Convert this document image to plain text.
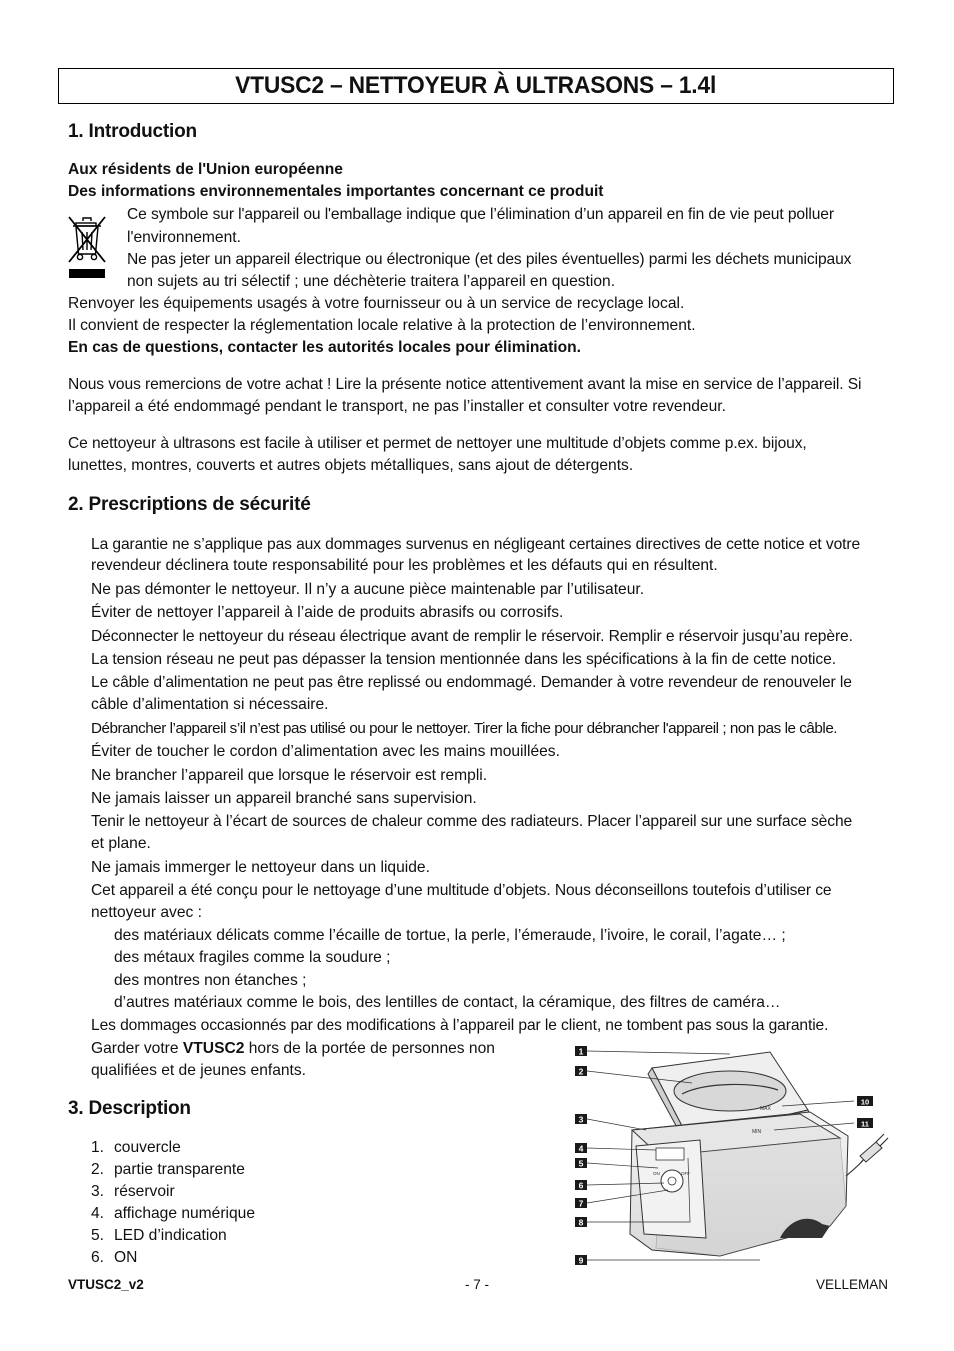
VTUSC2 – NETTOYEUR À ULTRASONS – 1.4l
1. Introduction

Aux résidents de l'Union européenne

Des informations environnementales importantes concernant ce produit

Ce symbole sur l'appareil ou l'emballage indique que l’élimination d’un appareil en fin de vie peut polluer

l'environnement.

Ne pas jeter un appareil électrique ou électronique (et des piles éventuelles) parmi les déchets municipaux

non sujets au tri sélectif ; une déchèterie traitera l’appareil en question.

Renvoyer les équipements usagés à votre fournisseur ou à un service de recyclage local.

Il convient de respecter la réglementation locale relative à la protection de l’environnement.

En cas de questions, contacter les autorités locales pour élimination.

Nous vous remercions de votre achat ! Lire la présente notice attentivement avant la mise en service de l’appareil. Si

l’appareil a été endommagé pendant le transport, ne pas l’installer et consulter votre revendeur.

Ce nettoyeur à ultrasons est facile à utiliser et permet de nettoyer une multitude d’objets comme p.ex. bijoux,

lunettes, montres, couverts et autres objets métalliques, sans ajout de détergents.

2. Prescriptions de sécurité

La garantie ne s’applique pas aux dommages survenus en négligeant certaines directives de cette notice et votre

revendeur déclinera toute responsabilité pour les problèmes et les défauts qui en résultent.

Ne pas démonter le nettoyeur. Il n’y a aucune pièce maintenable par l’utilisateur.

Éviter de nettoyer l’appareil à l’aide de produits abrasifs ou corrosifs.

Déconnecter le nettoyeur du réseau électrique avant de remplir le réservoir. Remplir e réservoir jusqu’au repère.

La tension réseau ne peut pas dépasser la tension mentionnée dans les spécifications à la fin de cette notice.

Le câble d’alimentation ne peut pas être replissé ou endommagé. Demander à votre revendeur de renouveler le

câble d’alimentation si nécessaire.

Débrancher l’appareil s’il n’est pas utilisé ou pour le nettoyer. Tirer la fiche pour débrancher l'appareil ; non pas le câble.

Éviter de toucher le cordon d’alimentation avec les mains mouillées.

Ne brancher l’appareil que lorsque le réservoir est rempli.

Ne jamais laisser un appareil branché sans supervision.

Tenir le nettoyeur à l’écart de sources de chaleur comme des radiateurs. Placer l’appareil sur une surface sèche

et plane.

Ne jamais immerger le nettoyeur dans un liquide.

Cet appareil a été conçu pour le nettoyage d’une multitude d’objets. Nous déconseillons toutefois d’utiliser ce

nettoyeur avec :

des matériaux délicats comme l’écaille de tortue, la perle, l’émeraude, l’ivoire, le corail, l’agate… ;

des métaux fragiles comme la soudure ;

des montres non étanches ;

d’autres matériaux comme le bois, des lentilles de contact, la céramique, des filtres de caméra…

Les dommages occasionnés par des modifications à l’appareil par le client, ne tombent pas sous la garantie.

Garder votre VTUSC2 hors de la portée de personnes non

qualifiées et de jeunes enfants.

3. Description
1. couvercle
2. partie transparente
3. réservoir
4. affichage numérique
5. LED d’indication
6. ON
MAX
MIN
ON	OFF
1
2
3
4
5
6
7
8
9
10
11
VTUSC2_v2	- 7 -	VELLEMAN
